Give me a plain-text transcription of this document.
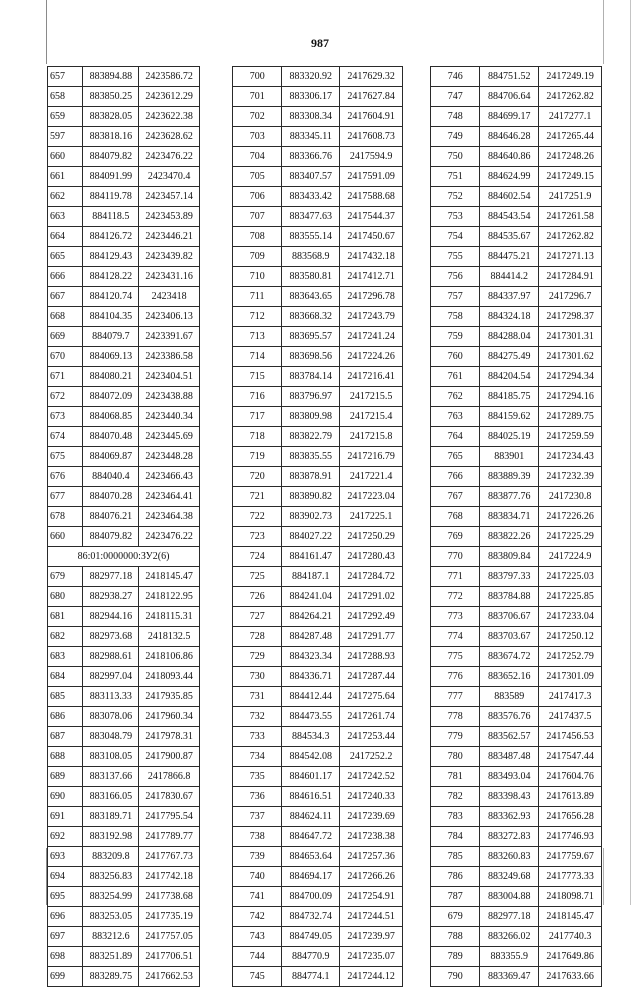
987
657	883894.88	2423586.72
658	883850.25	2423612.29
659	883828.05	2423622.38
597	883818.16	2423628.62
660	884079.82	2423476.22
661	884091.99	2423470.4
662	884119.78	2423457.14
663	884118.5	2423453.89
664	884126.72	2423446.21
665	884129.43	2423439.82
666	884128.22	2423431.16
667	884120.74	2423418
668	884104.35	2423406.13
669	884079.7	2423391.67
670	884069.13	2423386.58
671	884080.21	2423404.51
672	884072.09	2423438.88
673	884068.85	2423440.34
674	884070.48	2423445.69
675	884069.87	2423448.28
676	884040.4	2423466.43
677	884070.28	2423464.41
678	884076.21	2423464.38
660	884079.82	2423476.22
86:01:0000000:ЗУ2(6)		
679	882977.18	2418145.47
680	882938.27	2418122.95
681	882944.16	2418115.31
682	882973.68	2418132.5
683	882988.61	2418106.86
684	882997.04	2418093.44
685	883113.33	2417935.85
686	883078.06	2417960.34
687	883048.79	2417978.31
688	883108.05	2417900.87
689	883137.66	2417866.8
690	883166.05	2417830.67
691	883189.71	2417795.54
692	883192.98	2417789.77
693	883209.8	2417767.73
694	883256.83	2417742.18
695	883254.99	2417738.68
696	883253.05	2417735.19
697	883212.6	2417757.05
698	883251.89	2417706.51
699	883289.75	2417662.53
700	883320.92	2417629.32
701	883306.17	2417627.84
702	883308.34	2417604.91
703	883345.11	2417608.73
704	883366.76	2417594.9
705	883407.57	2417591.09
706	883433.42	2417588.68
707	883477.63	2417544.37
708	883555.14	2417450.67
709	883568.9	2417432.18
710	883580.81	2417412.71
711	883643.65	2417296.78
712	883668.32	2417243.79
713	883695.57	2417241.24
714	883698.56	2417224.26
715	883784.14	2417216.41
716	883796.97	2417215.5
717	883809.98	2417215.4
718	883822.79	2417215.8
719	883835.55	2417216.79
720	883878.91	2417221.4
721	883890.82	2417223.04
722	883902.73	2417225.1
723	884027.22	2417250.29
724	884161.47	2417280.43
725	884187.1	2417284.72
726	884241.04	2417291.02
727	884264.21	2417292.49
728	884287.48	2417291.77
729	884323.34	2417288.93
730	884336.71	2417287.44
731	884412.44	2417275.64
732	884473.55	2417261.74
733	884534.3	2417253.44
734	884542.08	2417252.2
735	884601.17	2417242.52
736	884616.51	2417240.33
737	884624.11	2417239.69
738	884647.72	2417238.38
739	884653.64	2417257.36
740	884694.17	2417266.26
741	884700.09	2417254.91
742	884732.74	2417244.51
743	884749.05	2417239.97
744	884770.9	2417235.07
745	884774.1	2417244.12
746	884751.52	2417249.19
747	884706.64	2417262.82
748	884699.17	2417277.1
749	884646.28	2417265.44
750	884640.86	2417248.26
751	884624.99	2417249.15
752	884602.54	2417251.9
753	884543.54	2417261.58
754	884535.67	2417262.82
755	884475.21	2417271.13
756	884414.2	2417284.91
757	884337.97	2417296.7
758	884324.18	2417298.37
759	884288.04	2417301.31
760	884275.49	2417301.62
761	884204.54	2417294.34
762	884185.75	2417294.16
763	884159.62	2417289.75
764	884025.19	2417259.59
765	883901	2417234.43
766	883889.39	2417232.39
767	883877.76	2417230.8
768	883834.71	2417226.26
769	883822.26	2417225.29
770	883809.84	2417224.9
771	883797.33	2417225.03
772	883784.88	2417225.85
773	883706.67	2417233.04
774	883703.67	2417250.12
775	883674.72	2417252.79
776	883652.16	2417301.09
777	883589	2417417.3
778	883576.76	2417437.5
779	883562.57	2417456.53
780	883487.48	2417547.44
781	883493.04	2417604.76
782	883398.43	2417613.89
783	883362.93	2417656.28
784	883272.83	2417746.93
785	883260.83	2417759.67
786	883249.68	2417773.33
787	883004.88	2418098.71
679	882977.18	2418145.47
788	883266.02	2417740.3
789	883355.9	2417649.86
790	883369.47	2417633.66
